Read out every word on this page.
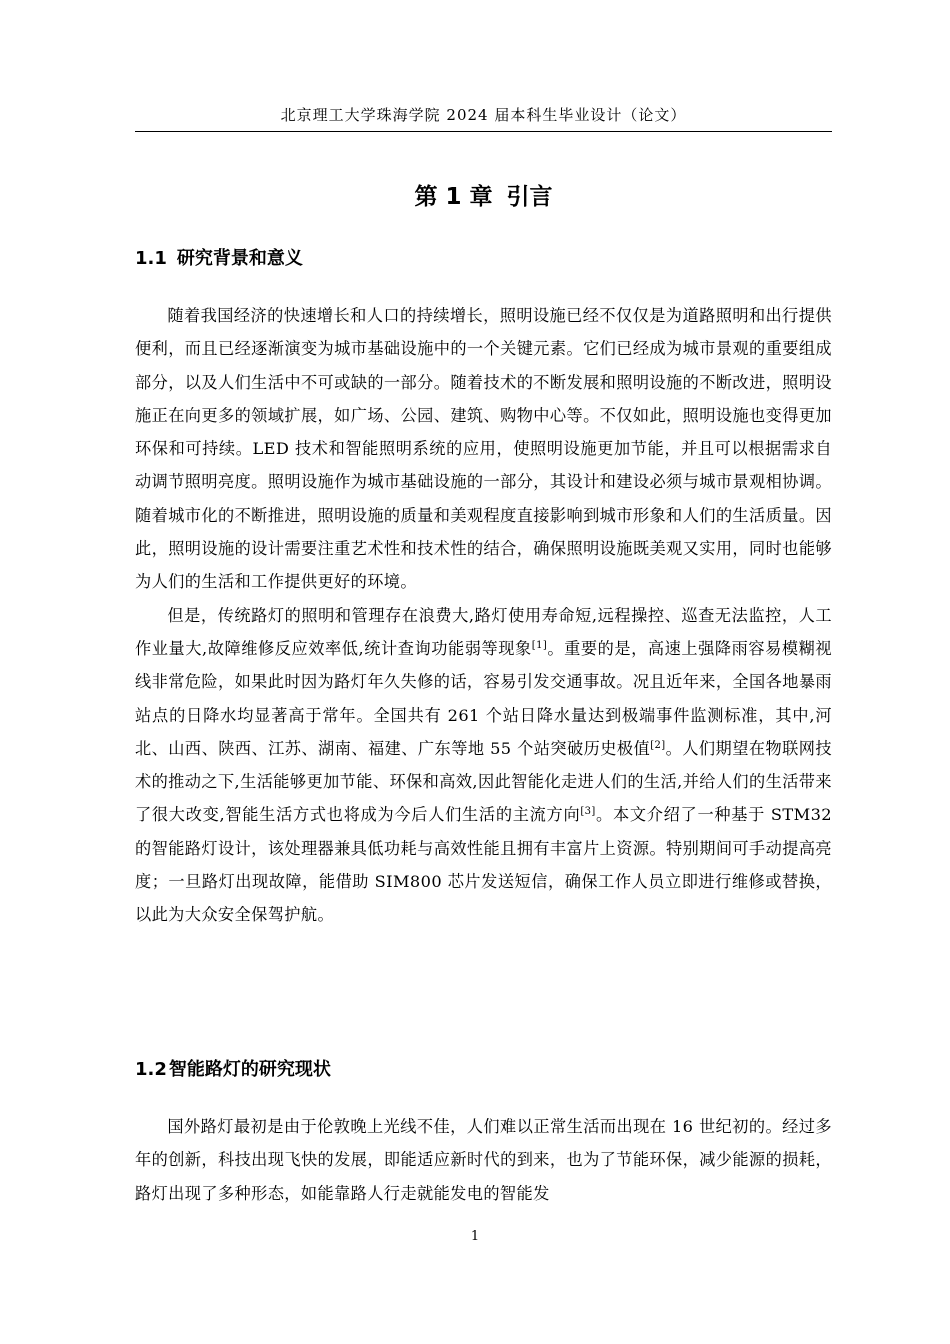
北京理工大学珠海学院 2024 届本科生毕业设计（论文）
第 1 章 引言
1.1 研究背景和意义

随着我国经济的快速增长和人口的持续增长，照明设施已经不仅仅是为道路照明和出行提供便利，而且已经逐渐演变为城市基础设施中的一个关键元素。它们已经成为城市景观的重要组成部分，以及人们生活中不可或缺的一部分。随着技术的不断发展和照明设施的不断改进，照明设施正在向更多的领域扩展，如广场、公园、建筑、购物中心等。不仅如此，照明设施也变得更加环保和可持续。LED 技术和智能照明系统的应用，使照明设施更加节能，并且可以根据需求自动调节照明亮度。照明设施作为城市基础设施的一部分，其设计和建设必须与城市景观相协调。随着城市化的不断推进，照明设施的质量和美观程度直接影响到城市形象和人们的生活质量。因此，照明设施的设计需要注重艺术性和技术性的结合，确保照明设施既美观又实用，同时也能够为人们的生活和工作提供更好的环境。

但是，传统路灯的照明和管理存在浪费大,路灯使用寿命短,远程操控、巡查无法监控，人工作业量大,故障维修反应效率低,统计查询功能弱等现象[1]。重要的是，高速上强降雨容易模糊视线非常危险，如果此时因为路灯年久失修的话，容易引发交通事故。况且近年来，全国各地暴雨站点的日降水均显著高于常年。全国共有 261 个站日降水量达到极端事件监测标准，其中,河北、山西、陕西、江苏、湖南、福建、广东等地 55 个站突破历史极值[2]。人们期望在物联网技术的推动之下,生活能够更加节能、环保和高效,因此智能化走进人们的生活,并给人们的生活带来了很大改变,智能生活方式也将成为今后人们生活的主流方向[3]。本文介绍了一种基于 STM32 的智能路灯设计，该处理器兼具低功耗与高效性能且拥有丰富片上资源。特别期间可手动提高亮度；一旦路灯出现故障，能借助 SIM800 芯片发送短信，确保工作人员立即进行维修或替换，以此为大众安全保驾护航。

1.2 智能路灯的研究现状

国外路灯最初是由于伦敦晚上光线不佳，人们难以正常生活而出现在 16 世纪初的。经过多年的创新，科技出现飞快的发展，即能适应新时代的到来，也为了节能环保，减少能源的损耗，路灯出现了多种形态，如能靠路人行走就能发电的智能发

1
